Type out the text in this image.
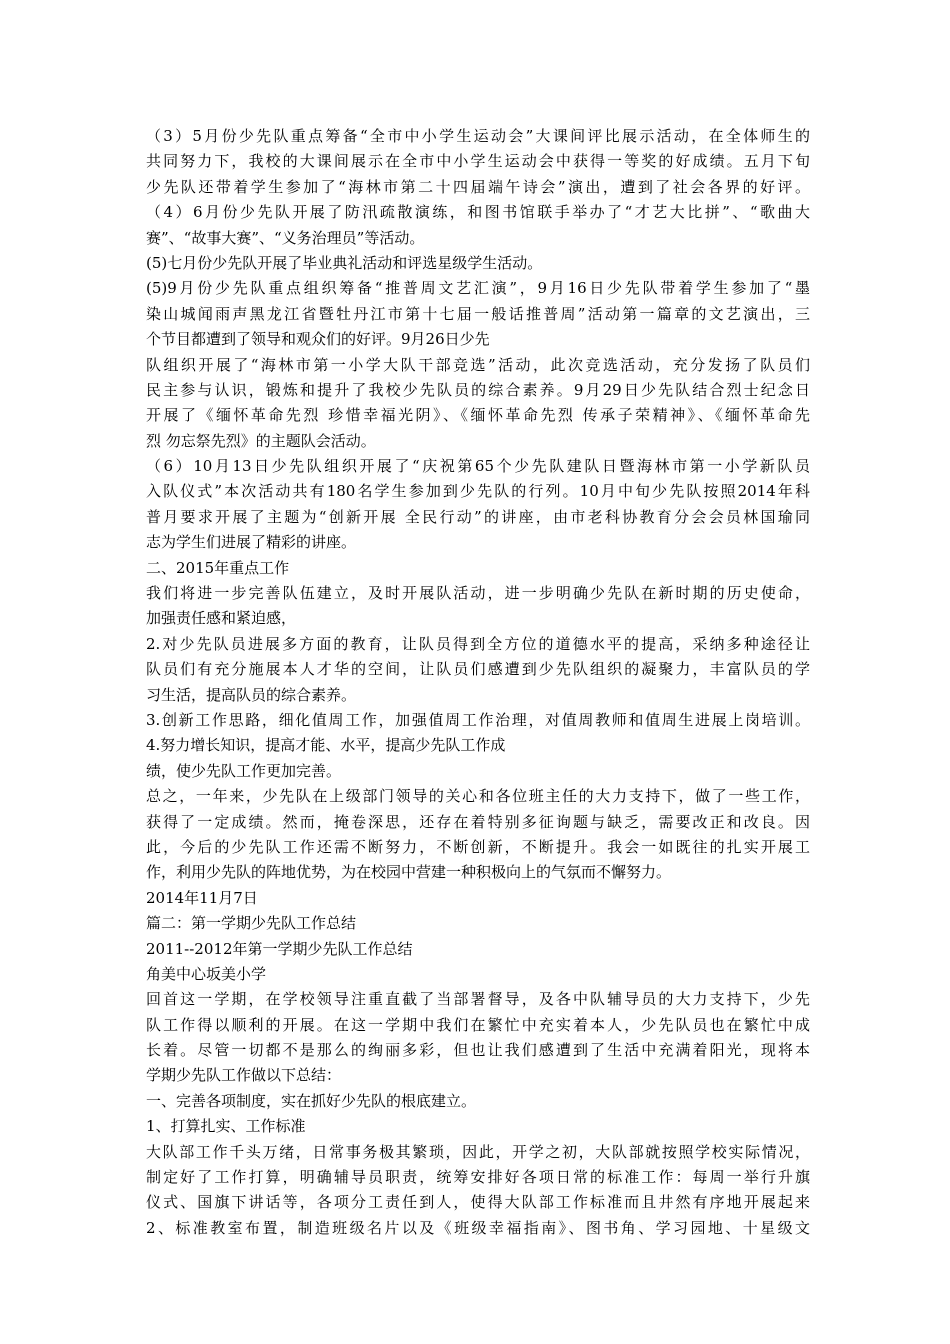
（3）5月份少先队重点筹备“全市中小学生运动会”大课间评比展示活动，在全体师生的
共同努力下，我校的大课间展示在全市中小学生运动会中获得一等奖的好成绩。五月下旬
少先队还带着学生参加了“海林市第二十四届端午诗会”演出，遭到了社会各界的好评。
（4）6月份少先队开展了防汛疏散演练，和图书馆联手举办了“才艺大比拼”、“歌曲大
赛”、“故事大赛”、“义务治理员”等活动。
(5)七月份少先队开展了毕业典礼活动和评选星级学生活动。
(5)9月份少先队重点组织筹备“推普周文艺汇演”，9月16日少先队带着学生参加了“墨
染山城闻雨声黑龙江省暨牡丹江市第十七届一般话推普周”活动第一篇章的文艺演出，三
个节目都遭到了领导和观众们的好评。9月26日少先
队组织开展了“海林市第一小学大队干部竞选”活动，此次竞选活动，充分发扬了队员们
民主参与认识，锻炼和提升了我校少先队员的综合素养。9月29日少先队结合烈士纪念日
开展了《缅怀革命先烈 珍惜幸福光阴》、《缅怀革命先烈 传承子荣精神》、《缅怀革命先
烈 勿忘祭先烈》的主题队会活动。
（6）10月13日少先队组织开展了“庆祝第65个少先队建队日暨海林市第一小学新队员
入队仪式”本次活动共有180名学生参加到少先队的行列。10月中旬少先队按照2014年科
普月要求开展了主题为“创新开展 全民行动”的讲座，由市老科协教育分会会员林国瑜同
志为学生们进展了精彩的讲座。
二、2015年重点工作
我们将进一步完善队伍建立，及时开展队活动，进一步明确少先队在新时期的历史使命，
加强责任感和紧迫感，
2.对少先队员进展多方面的教育，让队员得到全方位的道德水平的提高，采纳多种途径让
队员们有充分施展本人才华的空间，让队员们感遭到少先队组织的凝聚力，丰富队员的学
习生活，提高队员的综合素养。
3.创新工作思路，细化值周工作，加强值周工作治理，对值周教师和值周生进展上岗培训。
4.努力增长知识，提高才能、水平，提高少先队工作成
绩，使少先队工作更加完善。
总之，一年来，少先队在上级部门领导的关心和各位班主任的大力支持下，做了一些工作，
获得了一定成绩。然而，掩卷深思，还存在着特别多征询题与缺乏，需要改正和改良。因
此，今后的少先队工作还需不断努力，不断创新，不断提升。我会一如既往的扎实开展工
作，利用少先队的阵地优势，为在校园中营建一种积极向上的气氛而不懈努力。
2014年11月7日
篇二：第一学期少先队工作总结
2011--2012年第一学期少先队工作总结
角美中心坂美小学
回首这一学期，在学校领导注重直截了当部署督导，及各中队辅导员的大力支持下，少先
队工作得以顺利的开展。在这一学期中我们在繁忙中充实着本人，少先队员也在繁忙中成
长着。尽管一切都不是那么的绚丽多彩，但也让我们感遭到了生活中充满着阳光，现将本
学期少先队工作做以下总结：
一、完善各项制度，实在抓好少先队的根底建立。
1、打算扎实、工作标准
大队部工作千头万绪，日常事务极其繁琐，因此，开学之初，大队部就按照学校实际情况，
制定好了工作打算，明确辅导员职责，统筹安排好各项日常的标准工作：每周一举行升旗
仪式、国旗下讲话等，各项分工责任到人，使得大队部工作标准而且井然有序地开展起来
2、标准教室布置，制造班级名片以及《班级幸福指南》、图书角、学习园地、十星级文
